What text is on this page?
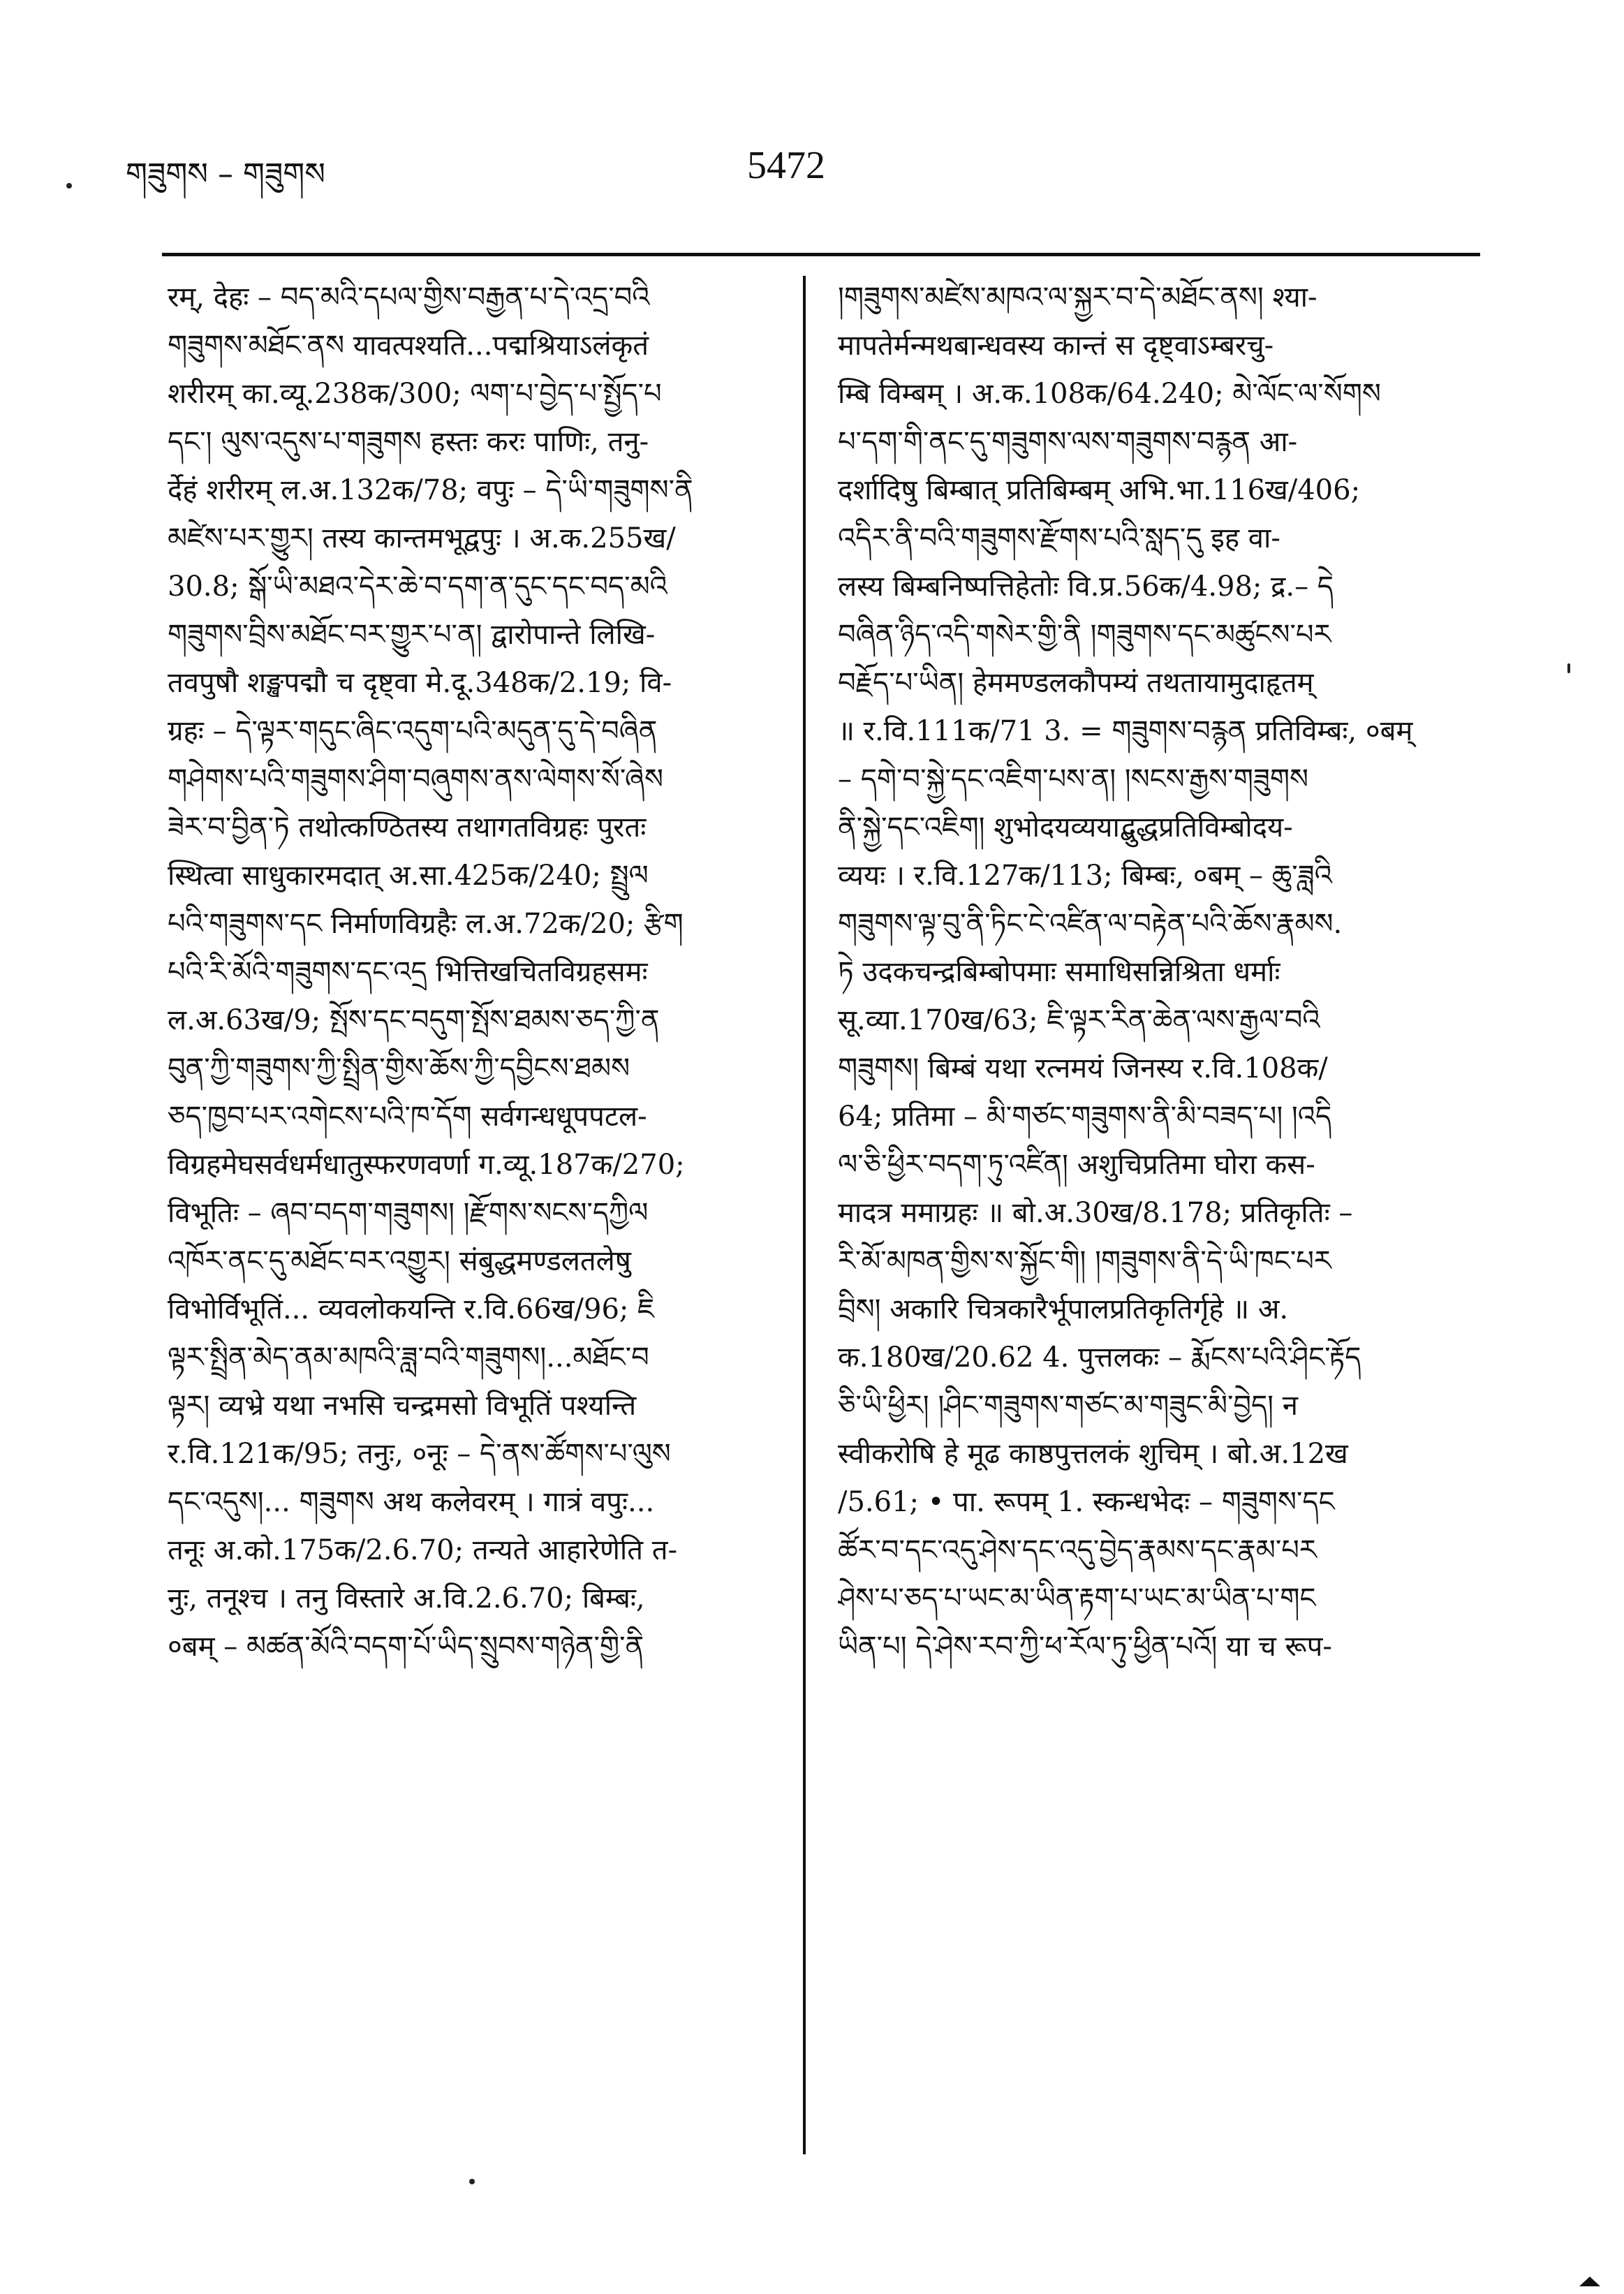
གཟུགས – གཟུགས	5472
रम्, देहः – བད་མའི་དཔལ་གྱིས་བརྒྱན་པ་དེ་འདྲ་བའི
གཟུགས་མཐོང་ནས यावत्पश्यति...पद्मश्रियाऽलंकृतं
शरीरम् का.व्यू.238क/300; ལག་པ་བྱེད་པ་སྤྱོད་པ
དང་། ལུས་འདུས་པ་གཟུགས हस्तः करः पाणिः, तनु-
र्देहं शरीरम् ल.अ.132क/78; वपुः – དེ་ཡི་གཟུགས་ནི
མཛེས་པར་གྱུར། तस्य कान्तमभूद्वपुः । अ.क.255ख/
30.8; སྒོ་ཡི་མཐའ་དེར་ཆེ་བ་དག་ན་དུང་དང་བད་མའི
གཟུགས་བྲིས་མཐོང་བར་གྱུར་པ་ན། द्वारोपान्ते लिखि-
तवपुषौ शङ्खपद्मौ च दृष्ट्वा मे.दू.348क/2.19; वि-
ग्रहः – དེ་ལྟར་གདུང་ཞིང་འདུག་པའི་མདུན་དུ་དེ་བཞིན
གཤེགས་པའི་གཟུགས་ཤིག་བཞུགས་ནས་ལེགས་སོ་ཞེས
ཟེར་བ་བྱིན་ཏེ तथोत्कण्ठितस्य तथागतविग्रहः पुरतः
स्थित्वा साधुकारमदात् अ.सा.425क/240; སྤྲུལ
པའི་གཟུགས་དང निर्माणविग्रहैः ल.अ.72क/20; རྩིག
པའི་རི་མོའི་གཟུགས་དང་འདྲ भित्तिखचितविग्रहसमः
ल.अ.63ख/9; སྤོས་དང་བདུག་སྤོས་ཐམས་ཅད་ཀྱི་ན
བུན་ཀྱི་གཟུགས་ཀྱི་སྤྲིན་གྱིས་ཆོས་ཀྱི་དབྱིངས་ཐམས
ཅད་ཁྱབ་པར་འགེངས་པའི་ཁ་དོག सर्वगन्धधूपपटल-
विग्रहमेघसर्वधर्मधातुस्फरणवर्णा ग.व्यू.187क/270;
विभूतिः – ཞབ་བདག་གཟུགས། །རྫོགས་སངས་དཀྱིལ
འཁོར་ནང་དུ་མཐོང་བར་འགྱུར། संबुद्धमण्डलतलेषु
विभोर्विभूतिं... व्यवलोकयन्ति र.वि.66ख/96; ཇི
ལྟར་སྤྲིན་མེད་ནམ་མཁའི་ཟླ་བའི་གཟུགས།...མཐོང་བ
ལྟར། व्यभ्रे यथा नभसि चन्द्रमसो विभूतिं पश्यन्ति
र.वि.121क/95; तनुः, ०नूः – དེ་ནས་ཚོགས་པ་ལུས
དང་འདུས།... གཟུགས अथ कलेवरम् । गात्रं वपुः...
तनूः अ.को.175क/2.6.70; तन्यते आहारेणेति त-
नुः, तनूश्च । तनु विस्तारे अ.वि.2.6.70; बिम्बः,
०बम् – མཚན་མོའི་བདག་པོ་ཡིད་སྲུབས་གཉེན་གྱི་ནི
།གཟུགས་མཛེས་མཁའ་ལ་སྐྱར་བ་དེ་མཐོང་ནས། श्या-
मापतेर्मन्मथबान्धवस्य कान्तं स दृष्ट्वाऽम्बरचु-
म्बि विम्बम् । अ.क.108क/64.240; མེ་ལོང་ལ་སོགས
པ་དག་གི་ནང་དུ་གཟུགས་ལས་གཟུགས་བརྙན आ-
दर्शादिषु बिम्बात् प्रतिबिम्बम् अभि.भा.116ख/406;
འདིར་ནི་བའི་གཟུགས་རྫོགས་པའི་སླད་དུ इह वा-
लस्य बिम्बनिष्पत्तिहेतोः वि.प्र.56क/4.98; द्र.– དེ
བཞིན་ཉིད་འདི་གསེར་གྱི་ནི །གཟུགས་དང་མཚུངས་པར
བརྗོད་པ་ཡིན། हेममण्डलकौपम्यं तथतायामुदाहृतम्
॥ र.वि.111क/71 3. = གཟུགས་བརྙན प्रतिविम्बः, ०बम्
– དགེ་བ་སྐྱེ་དང་འཇིག་པས་ན། །སངས་རྒྱས་གཟུགས
ནི་སྐྱེ་དང་འཇིག། शुभोदयव्ययाद्बुद्धप्रतिविम्बोदय-
व्ययः । र.वि.127क/113; बिम्बः, ०बम् – ཆུ་ཟླའི
གཟུགས་ལྟ་བུ་ནི་ཏིང་ངེ་འཛིན་ལ་བརྟེན་པའི་ཆོས་རྣམས.
ཏེ उदकचन्द्रबिम्बोपमाः समाधिसन्निश्रिता धर्माः
सू.व्या.170ख/63; ཇི་ལྟར་རིན་ཆེན་ལས་རྒྱལ་བའི
གཟུགས། बिम्बं यथा रत्नमयं जिनस्य र.वि.108क/
64; प्रतिमा – མི་གཙང་གཟུགས་ནི་མི་བཟད་པ། །འདི
ལ་ཅི་ཕྱིར་བདག་ཏུ་འཛིན། अशुचिप्रतिमा घोरा कस-
मादत्र ममाग्रहः ॥ बो.अ.30ख/8.178; प्रतिकृतिः –
རི་མོ་མཁན་གྱིས་ས་སྐྱོང་གི། །གཟུགས་ནི་དེ་ཡི་ཁང་པར
བྲིས། अकारि चित्रकारैर्भूपालप्रतिकृतिर्गृहे ॥ अ.
क.180ख/20.62 4. पुत्तलकः – རྨོངས་པའི་ཤིང་རྟོད
ཅི་ཡི་ཕྱིར། །ཤིང་གཟུགས་གཙང་མ་གཟུང་མི་བྱེད། न
स्वीकरोषि हे मूढ काष्ठपुत्तलकं शुचिम् । बो.अ.12ख
/5.61; • पा. रूपम् 1. स्कन्धभेदः – གཟུགས་དང
ཚོར་བ་དང་འདུ་ཤེས་དང་འདུ་བྱེད་རྣམས་དང་རྣམ་པར
ཤེས་པ་ཅད་པ་ཡང་མ་ཡིན་རྟག་པ་ཡང་མ་ཡིན་པ་གང
ཡིན་པ། དེ་ཤེས་རབ་ཀྱི་ཕ་རོལ་ཏུ་ཕྱིན་པའོ། या च रूप-
